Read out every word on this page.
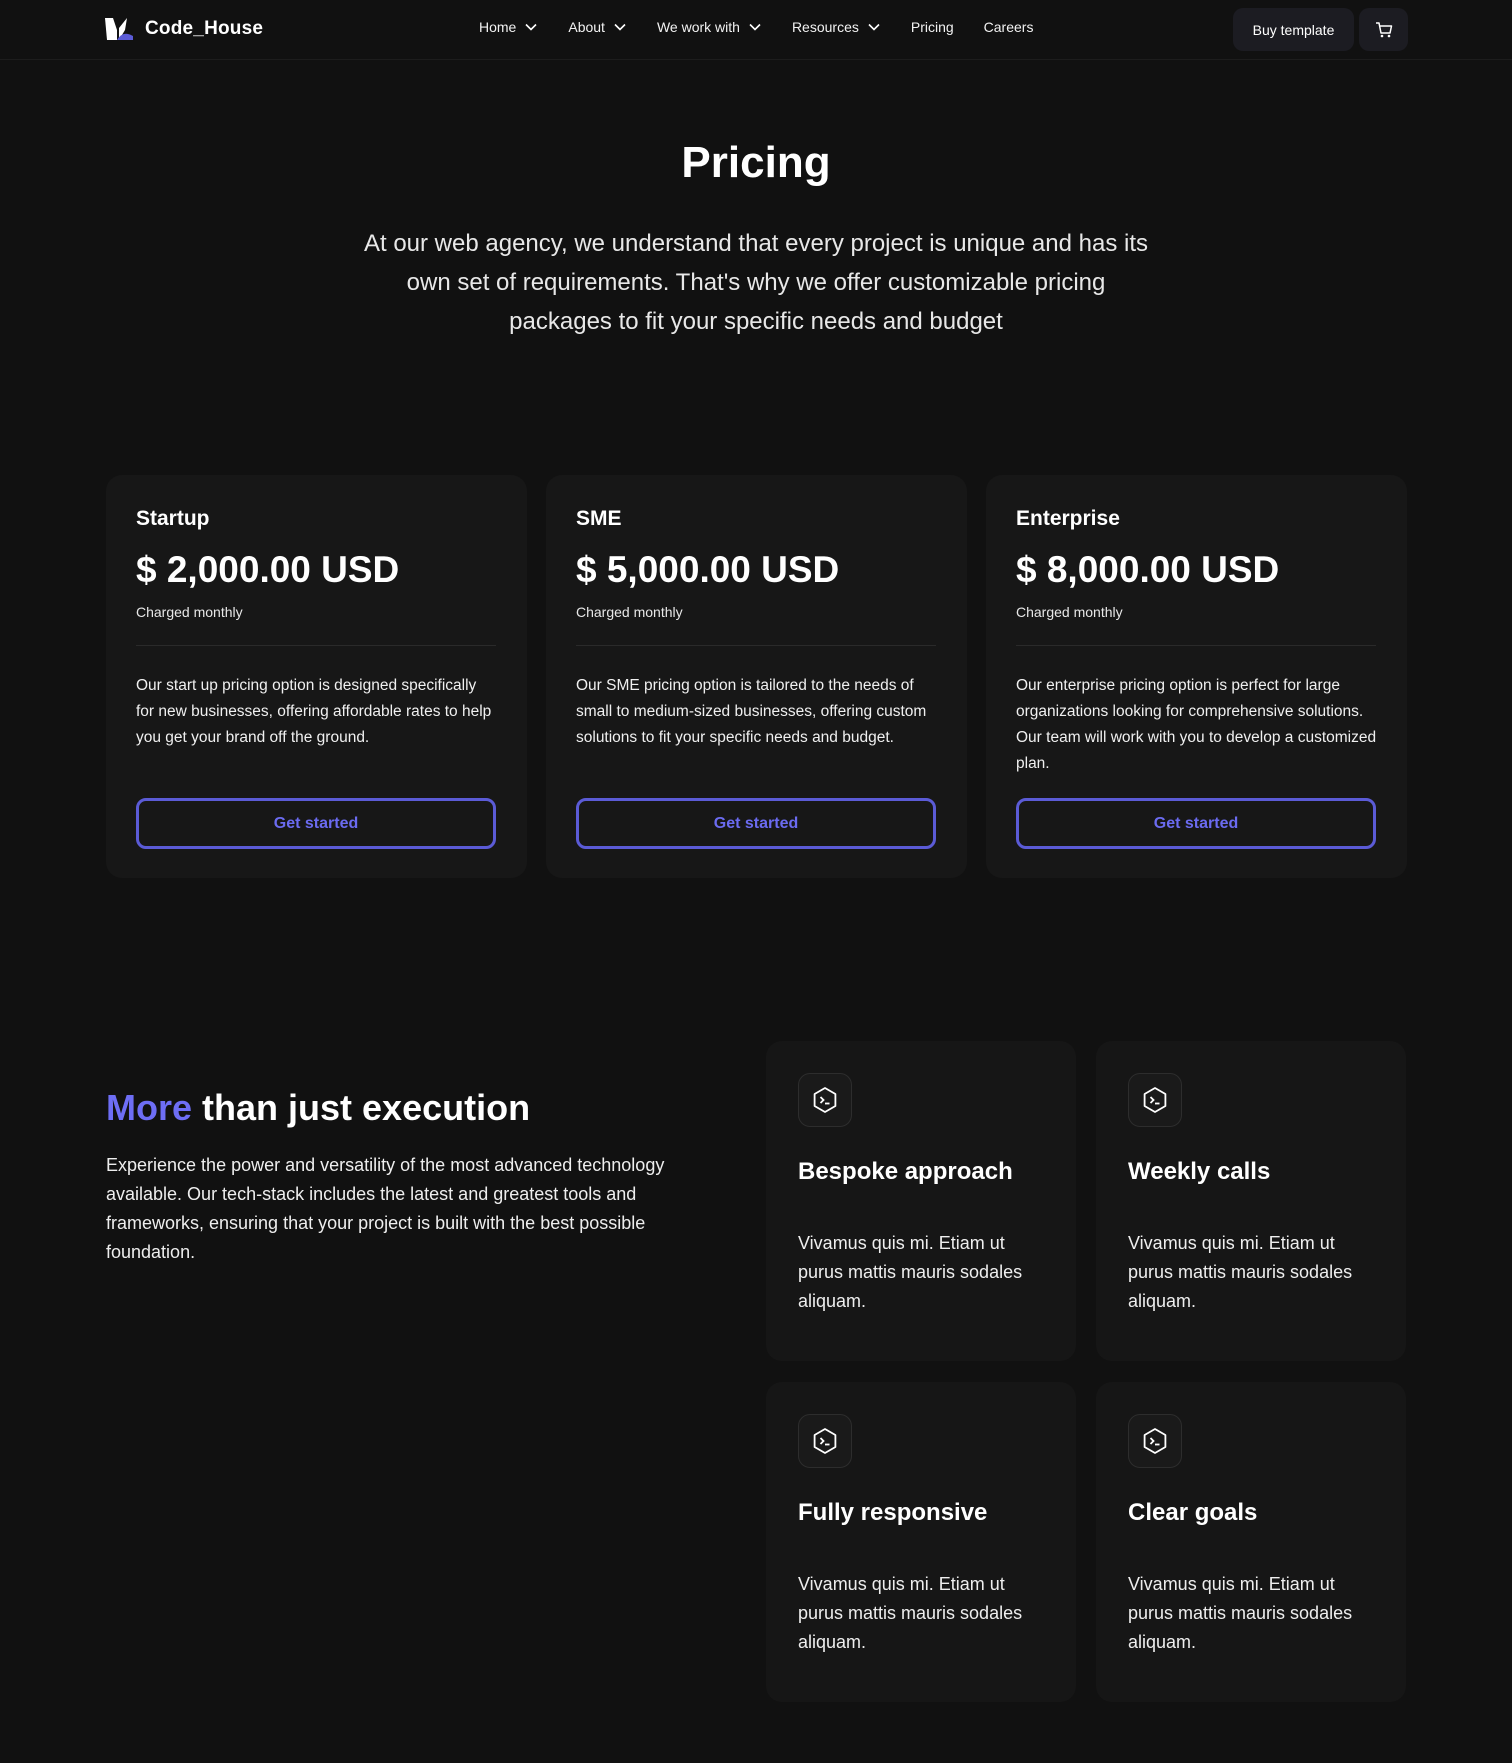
Code_House	Home	About	We work with	Resources	Pricing Careers	Buy template
Pricing

At our web agency, we understand that every project is unique and has its own set of requirements. That's why we offer customizable pricing packages to fit your specific needs and budget

Startup
$ 2,000.00 USD
Charged monthly

Our start up pricing option is designed specifically for new businesses, offering affordable rates to help you get your brand off the ground.

Get started
SME
$ 5,000.00 USD
Charged monthly

Our SME pricing option is tailored to the needs of small to medium-sized businesses, offering custom solutions to fit your specific needs and budget.

Get started
Enterprise
$ 8,000.00 USD
Charged monthly

Our enterprise pricing option is perfect for large organizations looking for comprehensive solutions. Our team will work with you to develop a customized plan.

Get started
More than just execution

Experience the power and versatility of the most advanced technology available. Our tech-stack includes the latest and greatest tools and frameworks, ensuring that your project is built with the best possible foundation.

Bespoke approach

Vivamus quis mi. Etiam ut purus mattis mauris sodales aliquam.

Weekly calls

Vivamus quis mi. Etiam ut purus mattis mauris sodales aliquam.

Fully responsive

Vivamus quis mi. Etiam ut purus mattis mauris sodales aliquam.

Clear goals

Vivamus quis mi. Etiam ut purus mattis mauris sodales aliquam.
